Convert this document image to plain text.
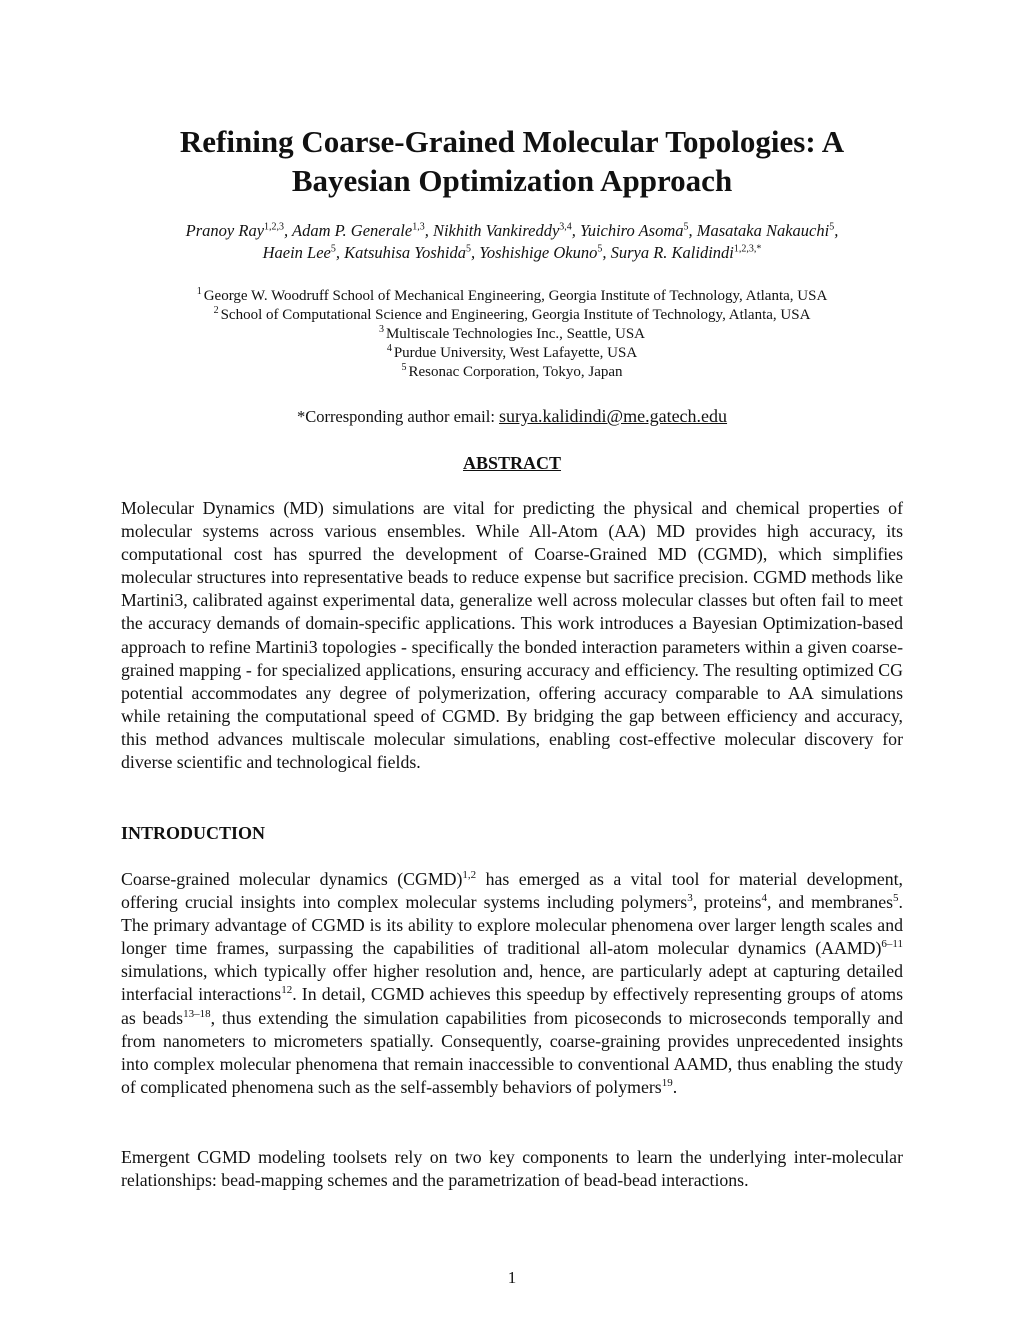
Refining Coarse-Grained Molecular Topologies: A
Bayesian Optimization Approach
Pranoy Ray$^{1,2,3}$, Adam P. Generale$^{1,3}$, Nikhith Vankireddy$^{3,4}$, Yuichiro Asoma$^5$, Masataka Nakauchi$^5$,
Haein Lee$^5$, Katsuhisa Yoshida$^5$, Yoshishige Okuno$^5$, Surya R. Kalidindi$^{1,2,3,*}$
$^1$ George W. Woodruff School of Mechanical Engineering, Georgia Institute of Technology, Atlanta, USA
$^2$ School of Computational Science and Engineering, Georgia Institute of Technology, Atlanta, USA
$^3$ Multiscale Technologies Inc., Seattle, USA
$^4$ Purdue University, West Lafayette, USA
$^5$ Resonac Corporation, Tokyo, Japan
*Corresponding author email: surya.kalidindi@me.gatech.edu
ABSTRACT

Molecular Dynamics (MD) simulations are vital for predicting the physical and chemical properties of molecular systems across various ensembles. While All-Atom (AA) MD provides high accuracy, its computational cost has spurred the development of Coarse-Grained MD (CGMD), which simplifies molecular structures into representative beads to reduce expense but sacrifice precision. CGMD methods like Martini3, calibrated against experimental data, generalize well across molecular classes but often fail to meet the accuracy demands of domain-specific applications. This work introduces a Bayesian Optimization-based approach to refine Martini3 topologies - specifically the bonded interaction parameters within a given coarse-grained mapping - for specialized applications, ensuring accuracy and efficiency. The resulting optimized CG potential accommodates any degree of polymerization, offering accuracy comparable to AA simulations while retaining the computational speed of CGMD. By bridging the gap between efficiency and accuracy, this method advances multiscale molecular simulations, enabling cost-effective molecular discovery for diverse scientific and technological fields.

INTRODUCTION

Coarse-grained molecular dynamics (CGMD)$^{1,2}$ has emerged as a vital tool for material development, offering crucial insights into complex molecular systems including polymers$^3$, proteins$^4$, and membranes$^5$. The primary advantage of CGMD is its ability to explore molecular phenomena over larger length scales and longer time frames, surpassing the capabilities of traditional all-atom molecular dynamics (AAMD)$^{6-11}$ simulations, which typically offer higher resolution and, hence, are particularly adept at capturing detailed interfacial interactions$^{12}$. In detail, CGMD achieves this speedup by effectively representing groups of atoms as beads$^{13-18}$, thus extending the simulation capabilities from picoseconds to microseconds temporally and from nanometers to micrometers spatially. Consequently, coarse-graining provides unprecedented insights into complex molecular phenomena that remain inaccessible to conventional AAMD, thus enabling the study of complicated phenomena such as the self-assembly behaviors of polymers$^{19}$.

Emergent CGMD modeling toolsets rely on two key components to learn the underlying inter-molecular relationships: bead-mapping schemes and the parametrization of bead-bead interactions.

1
